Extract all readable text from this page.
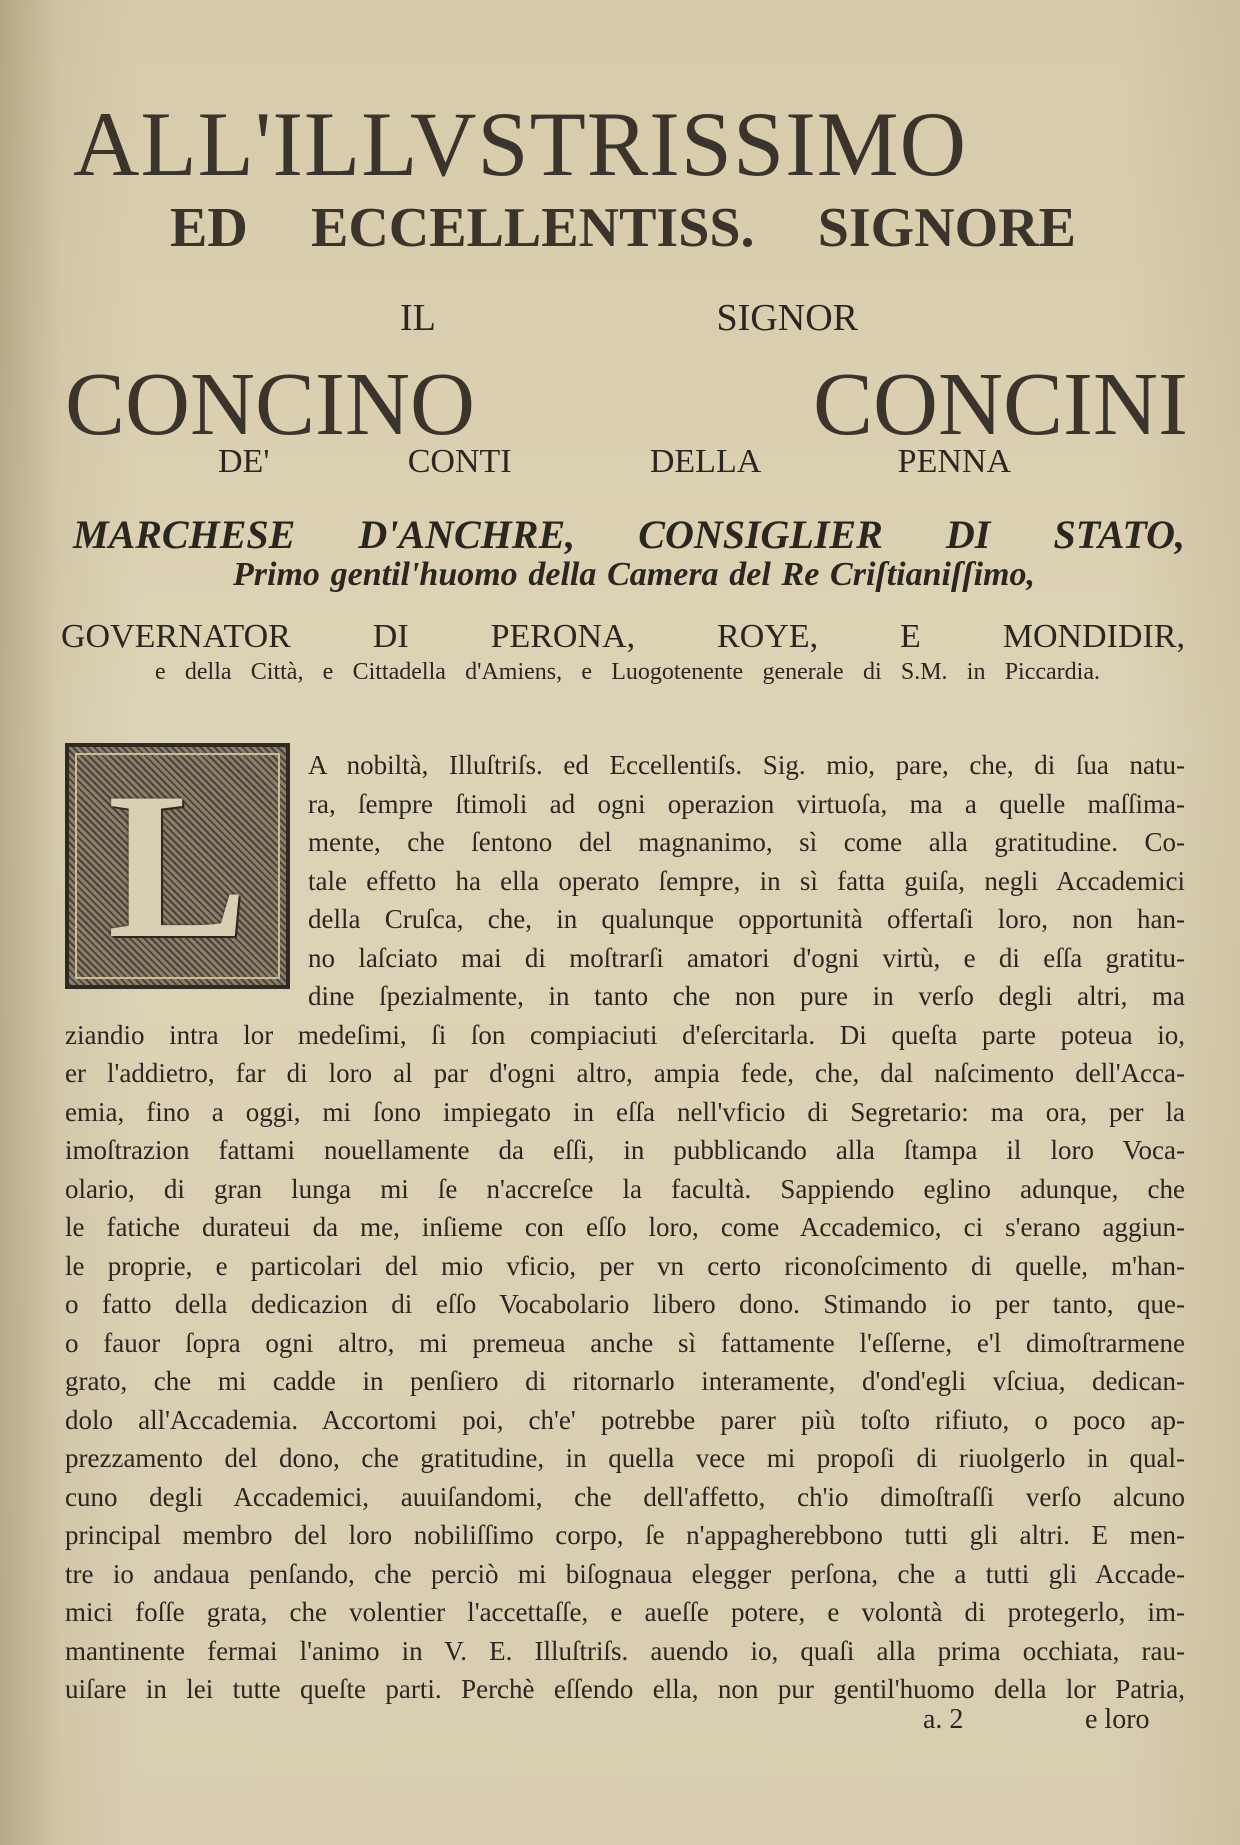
ALL'ILLVSTRISSIMO
ED ECCELLENTISS. SIGNORE
IL SIGNOR
CONCINO CONCINI
DE' CONTI DELLA PENNA
MARCHESE D'ANCHRE, CONSIGLIER DI STATO,
Primo gentil'huomo della Camera del Re Criſtianiſſimo,
GOVERNATOR DI PERONA, ROYE, E MONDIDIR,
e della Città, e Cittadella d'Amiens, e Luogotenente generale di S.M. in Piccardia.
L A nobiltà, Illuſtriſs. ed Eccellentiſs. Sig. mio, pare, che, di ſua natu-
ra, ſempre ſtimoli ad ogni operazion virtuoſa, ma a quelle maſſima-
mente, che ſentono del magnanimo, sì come alla gratitudine. Co-
tale effetto ha ella operato ſempre, in sì fatta guiſa, negli Accademici
della Cruſca, che, in qualunque opportunità offertaſi loro, non han-
no laſciato mai di moſtrarſi amatori d'ogni virtù, e di eſſa gratitu-
dine ſpezialmente, in tanto che non pure in verſo degli altri, ma
ziandio intra lor medeſimi, ſi ſon compiaciuti d'eſercitarla. Di queſta parte poteua io,
er l'addietro, far di loro al par d'ogni altro, ampia fede, che, dal naſcimento dell'Acca-
emia, fino a oggi, mi ſono impiegato in eſſa nell'vficio di Segretario: ma ora, per la
imoſtrazion fattami nouellamente da eſſi, in pubblicando alla ſtampa il loro Voca-
olario, di gran lunga mi ſe n'accreſce la facultà. Sappiendo eglino adunque, che
le fatiche durateui da me, inſieme con eſſo loro, come Accademico, ci s'erano aggiun-
le proprie, e particolari del mio vficio, per vn certo riconoſcimento di quelle, m'han-
o fatto della dedicazion di eſſo Vocabolario libero dono. Stimando io per tanto, que-
o fauor ſopra ogni altro, mi premeua anche sì fattamente l'eſſerne, e'l dimoſtrarmene
grato, che mi cadde in penſiero di ritornarlo interamente, d'ond'egli vſciua, dedican-
dolo all'Accademia. Accortomi poi, ch'e' potrebbe parer più toſto rifiuto, o poco ap-
prezzamento del dono, che gratitudine, in quella vece mi propoſi di riuolgerlo in qual-
cuno degli Accademici, auuiſandomi, che dell'affetto, ch'io dimoſtraſſi verſo alcuno
principal membro del loro nobiliſſimo corpo, ſe n'appagherebbono tutti gli altri. E men-
tre io andaua penſando, che perciò mi biſognaua elegger perſona, che a tutti gli Accade-
mici foſſe grata, che volentier l'accettaſſe, e aueſſe potere, e volontà di protegerlo, im-
mantinente fermai l'animo in V. E. Illuſtriſs. auendo io, quaſi alla prima occhiata, rau-
uiſare in lei tutte queſte parti. Perchè eſſendo ella, non pur gentil'huomo della lor Patria,
a. 2	e loro
